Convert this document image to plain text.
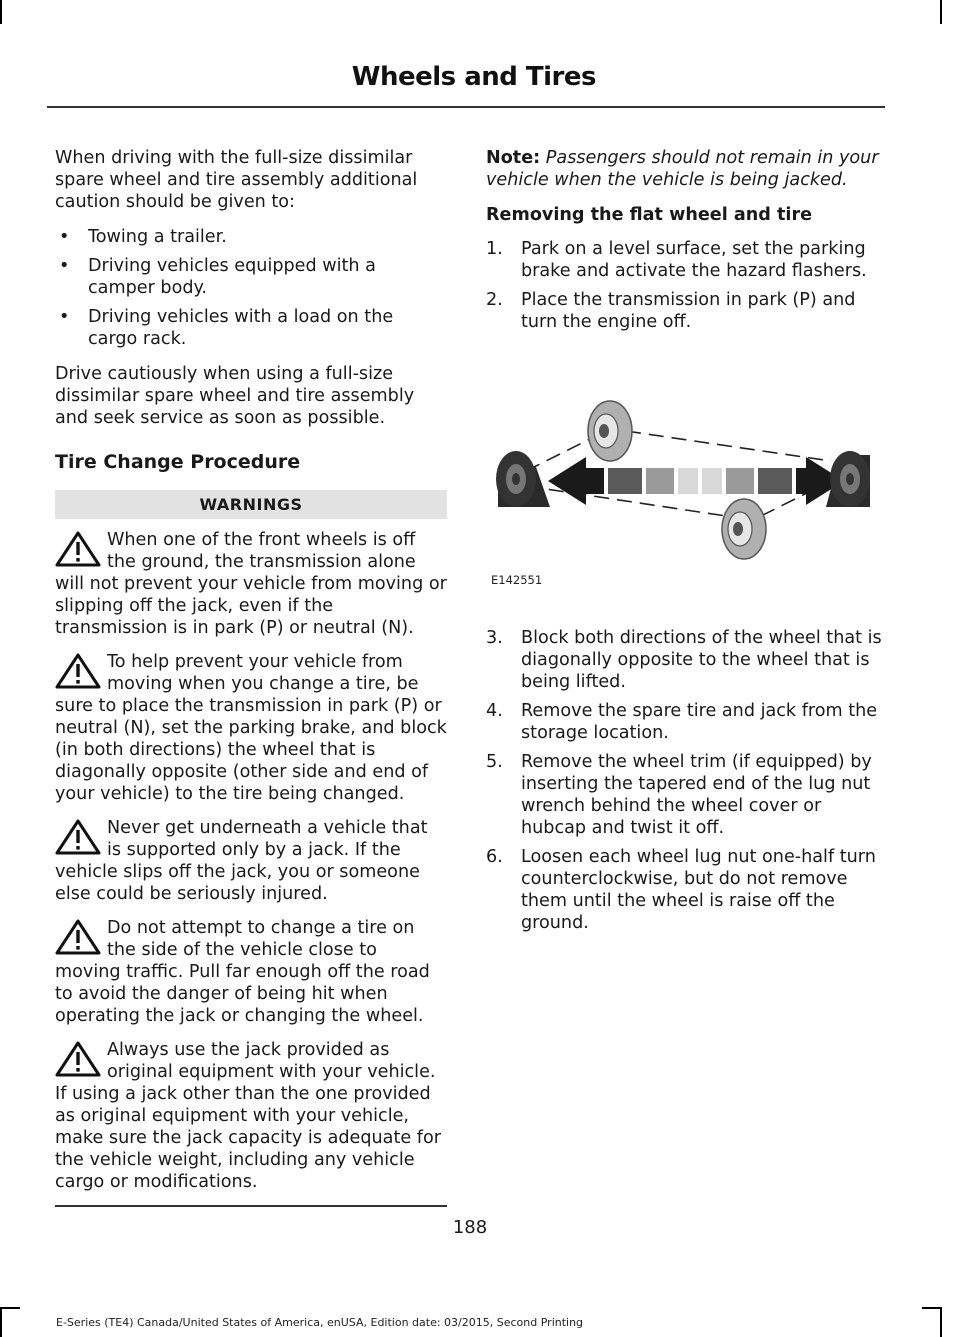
Wheels and Tires

When driving with the full-size dissimilar spare wheel and tire assembly additional caution should be given to:

• Towing a trailer.
• Driving vehicles equipped with a camper body.
• Driving vehicles with a load on the cargo rack.

Drive cautiously when using a full-size dissimilar spare wheel and tire assembly and seek service as soon as possible.

Tire Change Procedure
WARNINGS
When one of the front wheels is off the ground, the transmission alone will not prevent your vehicle from moving or slipping off the jack, even if the transmission is in park (P) or neutral (N).
To help prevent your vehicle from moving when you change a tire, be sure to place the transmission in park (P) or neutral (N), set the parking brake, and block (in both directions) the wheel that is diagonally opposite (other side and end of your vehicle) to the tire being changed.
Never get underneath a vehicle that is supported only by a jack. If the vehicle slips off the jack, you or someone else could be seriously injured.
Do not attempt to change a tire on the side of the vehicle close to moving traffic. Pull far enough off the road to avoid the danger of being hit when operating the jack or changing the wheel.
Always use the jack provided as original equipment with your vehicle. If using a jack other than the one provided as original equipment with your vehicle, make sure the jack capacity is adequate for the vehicle weight, including any vehicle cargo or modifications.

Note: Passengers should not remain in your vehicle when the vehicle is being jacked.

Removing the flat wheel and tire
1. Park on a level surface, set the parking brake and activate the hazard flashers.
2. Place the transmission in park (P) and turn the engine off.
E142551
3. Block both directions of the wheel that is diagonally opposite to the wheel that is being lifted.
4. Remove the spare tire and jack from the storage location.
5. Remove the wheel trim (if equipped) by inserting the tapered end of the lug nut wrench behind the wheel cover or hubcap and twist it off.
6. Loosen each wheel lug nut one-half turn counterclockwise, but do not remove them until the wheel is raise off the ground.
188
E-Series (TE4) Canada/United States of America, enUSA, Edition date: 03/2015, Second Printing
